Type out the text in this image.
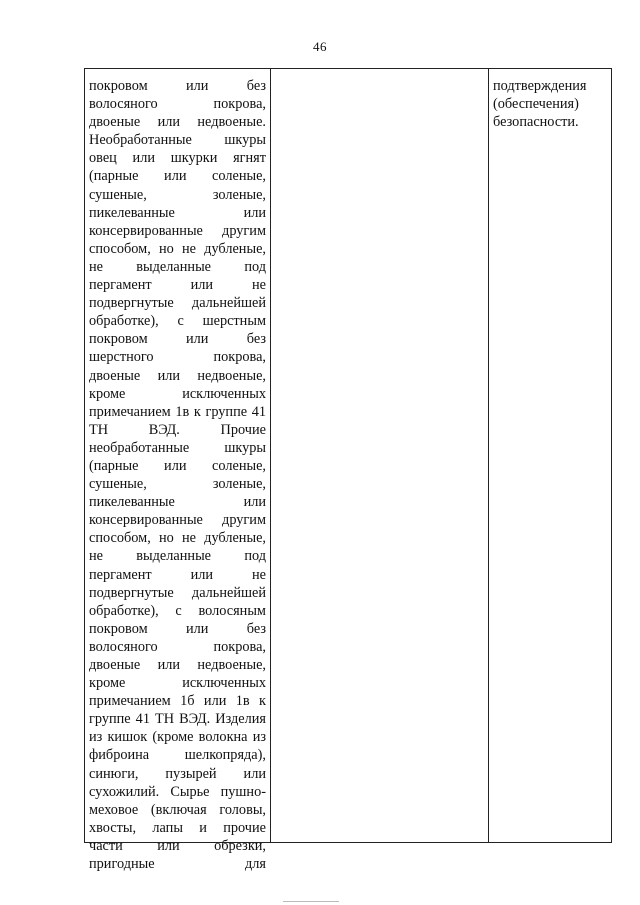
46
покровом или без
волосяного покрова,
двоеные или недвоеные.
Необработанные шкуры
овец или шкурки ягнят
(парные или соленые,
сушеные, золеные,
пикелеванные или
консервированные другим
способом, но не дубленые,
не выделанные под
пергамент или не
подвергнутые дальнейшей
обработке), с шерстным
покровом или без
шерстного покрова,
двоеные или недвоеные,
кроме исключенных
примечанием 1в к группе 41
ТН ВЭД. Прочие
необработанные шкуры
(парные или соленые,
сушеные, золеные,
пикелеванные или
консервированные другим
способом, но не дубленые,
не выделанные под
пергамент или не
подвергнутые дальнейшей
обработке), с волосяным
покровом или без
волосяного покрова,
двоеные или недвоеные,
кроме исключенных
примечанием 1б или 1в к
группе 41 ТН ВЭД. Изделия
из кишок (кроме волокна из
фиброина шелкопряда),
синюги, пузырей или
сухожилий. Сырье пушно-
меховое (включая головы,
хвосты, лапы и прочие
части или обрезки,
пригодные для
подтверждения
(обеспечения)
безопасности.
